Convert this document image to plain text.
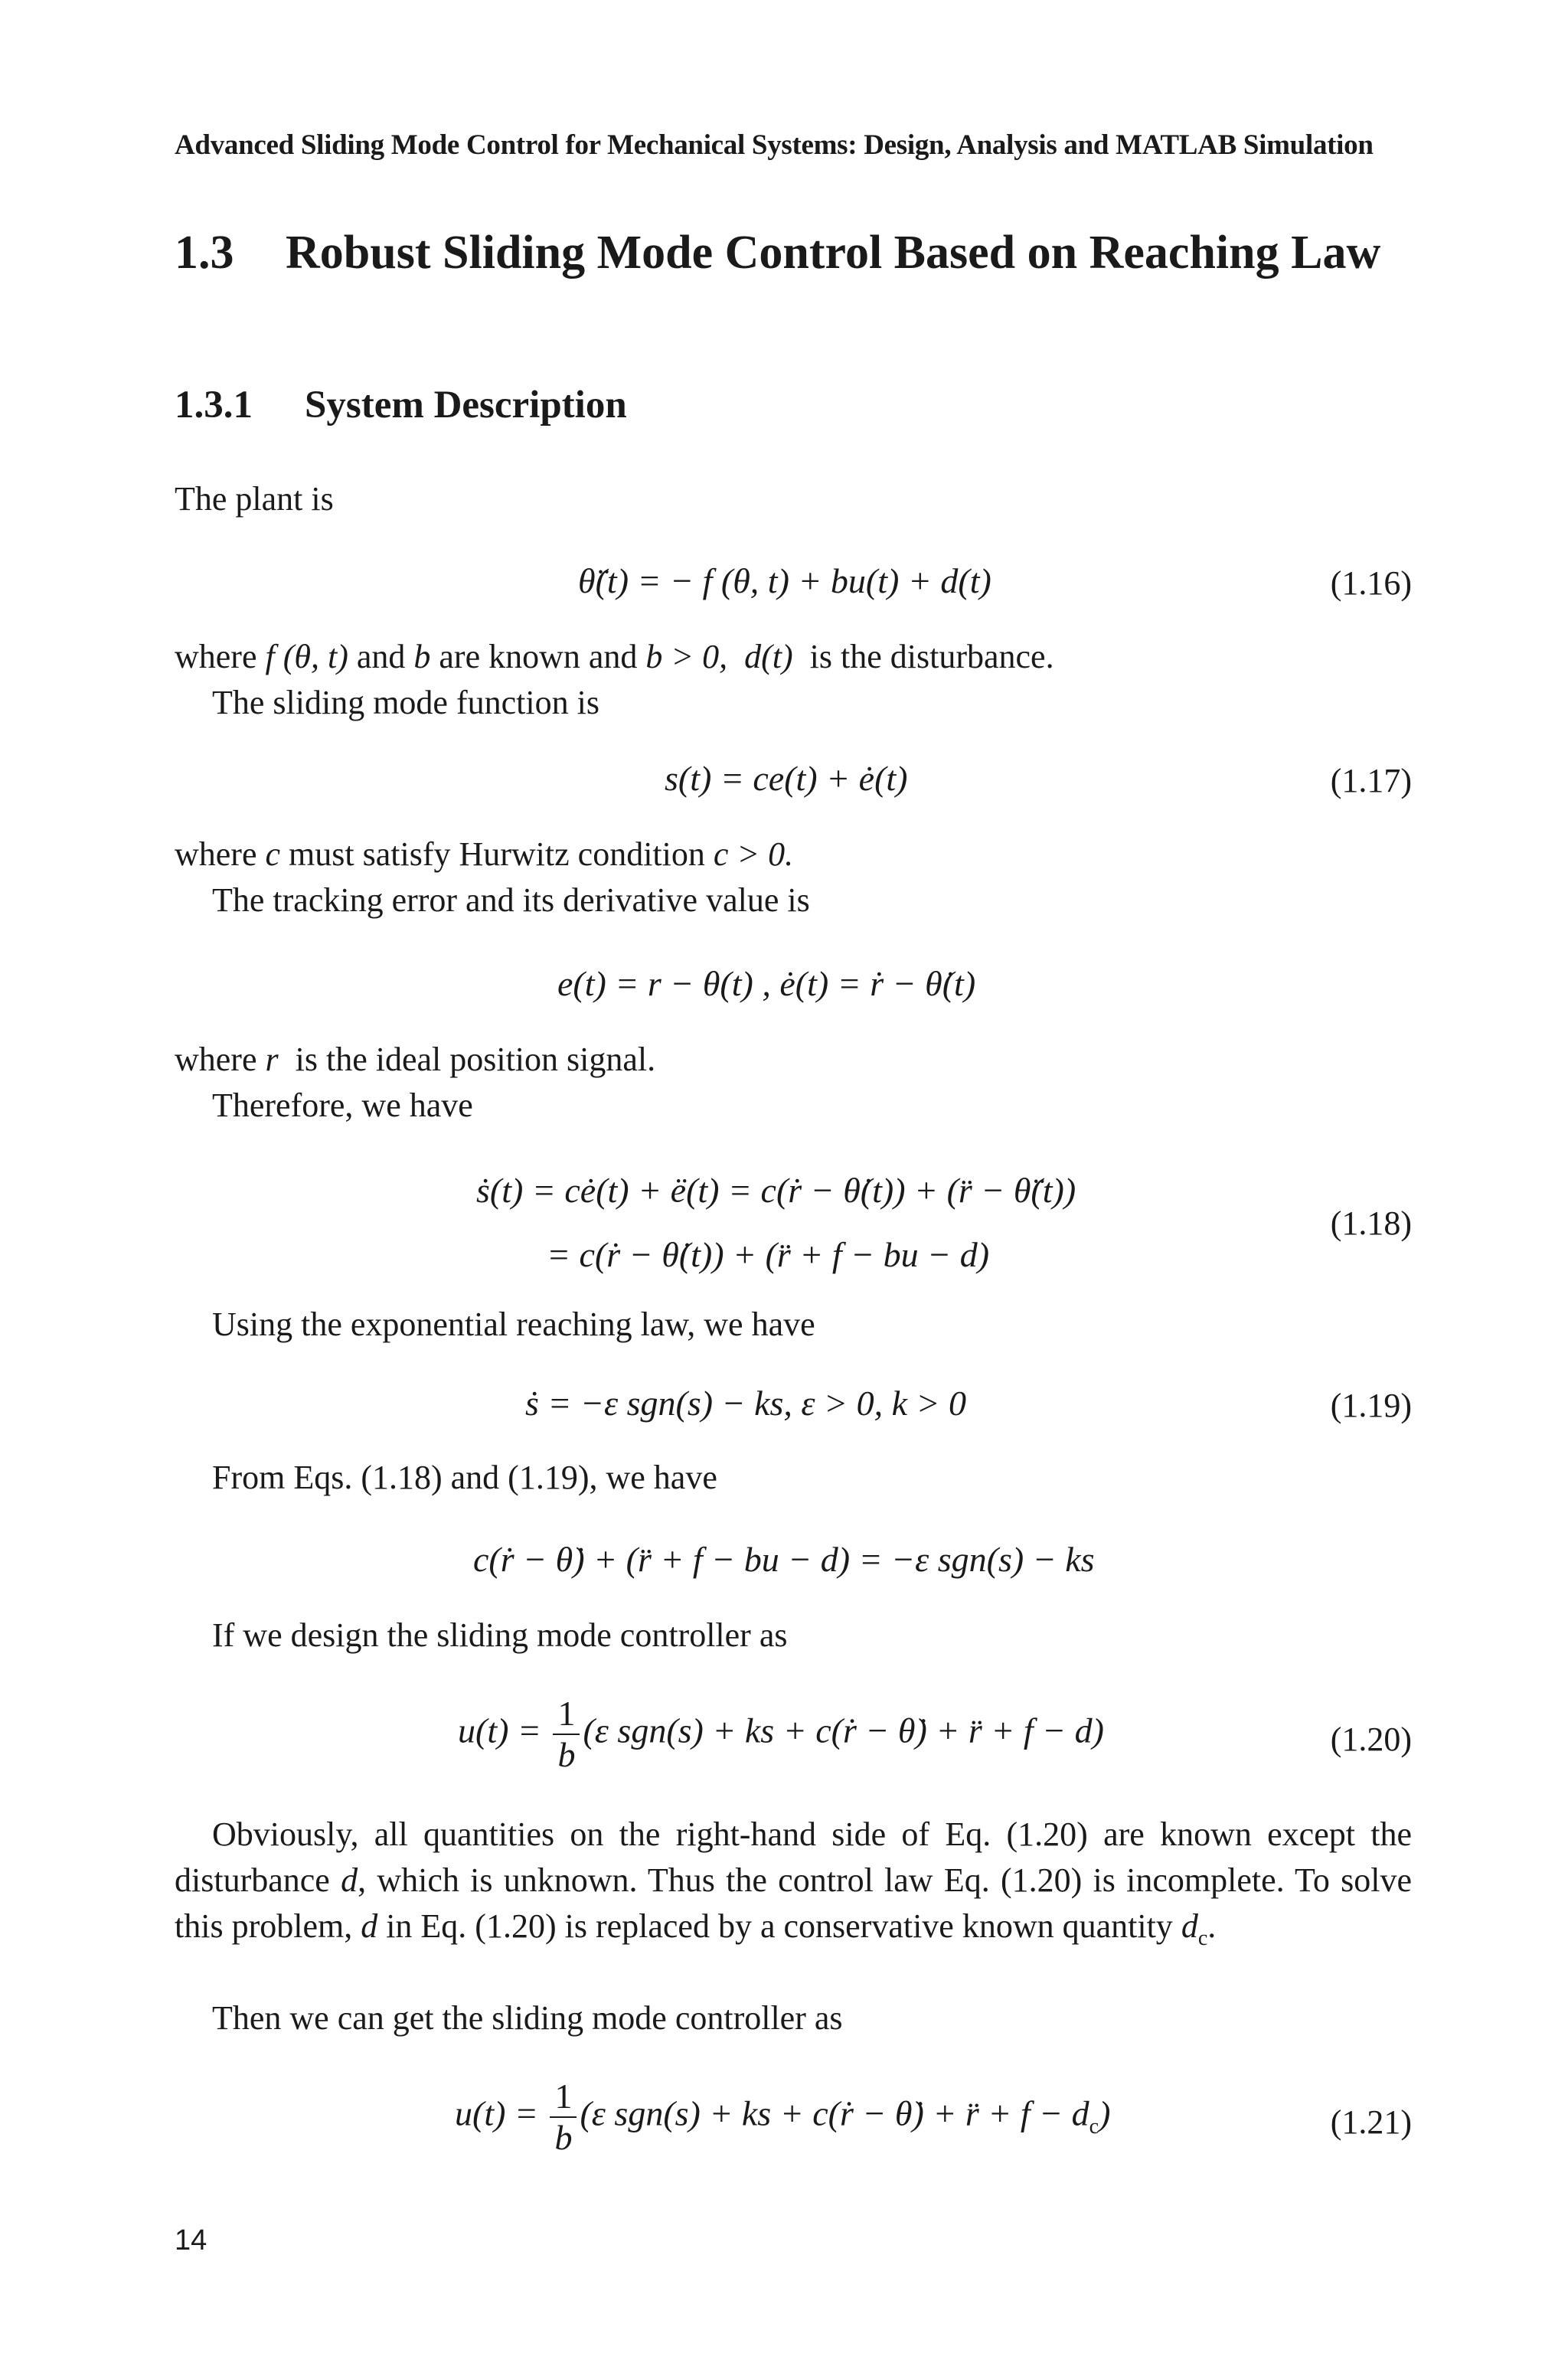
Advanced Sliding Mode Control for Mechanical Systems: Design, Analysis and MATLAB Simulation
1.3 Robust Sliding Mode Control Based on Reaching Law
1.3.1 System Description
The plant is
θ̈(t) = − f (θ, t) + bu(t) + d(t)	(1.16)
where f (θ, t) and b are known and b > 0, d(t)  is the disturbance.
The sliding mode function is
s(t) = ce(t) + ė(t)	(1.17)
where c must satisfy Hurwitz condition c > 0.
The tracking error and its derivative value is
e(t) = r − θ(t) , ė(t) = ṙ − θ̇(t)
where r  is the ideal position signal.
Therefore, we have
ṡ(t) = cė(t) + ë(t) = c(ṙ − θ̇(t)) + (r̈ − θ̈(t))
= c(ṙ − θ̇(t)) + (r̈ + f − bu − d)
(1.18)
Using the exponential reaching law, we have
ṡ = −ε sgn(s) − ks, ε > 0, k > 0	(1.19)
From Eqs. (1.18) and (1.19), we have
c(ṙ − θ̇) + (r̈ + f − bu − d) = −ε sgn(s) − ks
If we design the sliding mode controller as
$u(t) = \frac{1}{b} (\varepsilon$ sgn(s) + ks + c(ṙ − θ̇) + r̈ + f − d)	(1.20)
Obviously, all quantities on the right-hand side of Eq. (1.20) are known except the disturbance d, which is unknown. Thus the control law Eq. (1.20) is incomplete. To solve this problem, d in Eq. (1.20) is replaced by a conservative known quantity $d_c$.
Then we can get the sliding mode controller as
$u(t) = \frac{1}{b} (\varepsilon$ sgn(s) + ks + c(ṙ − θ̇) + r̈ + $f - d_c$)	(1.21)
14
